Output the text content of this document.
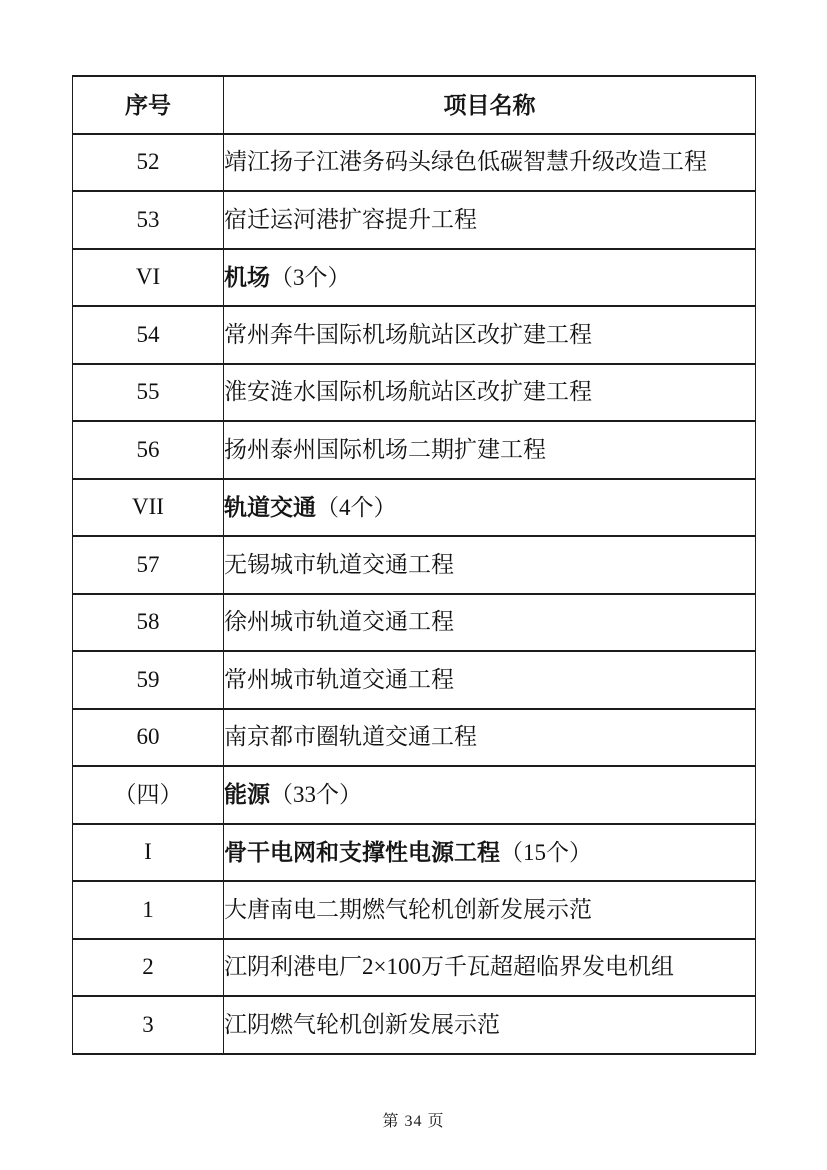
序号	项目名称
52	靖江扬子江港务码头绿色低碳智慧升级改造工程
53	宿迁运河港扩容提升工程
VI	机场（3个）
54	常州奔牛国际机场航站区改扩建工程
55	淮安涟水国际机场航站区改扩建工程
56	扬州泰州国际机场二期扩建工程
VII	轨道交通（4个）
57	无锡城市轨道交通工程
58	徐州城市轨道交通工程
59	常州城市轨道交通工程
60	南京都市圈轨道交通工程
（四）	能源（33个）
I	骨干电网和支撑性电源工程（15个）
1	大唐南电二期燃气轮机创新发展示范
2	江阴利港电厂2×100万千瓦超超临界发电机组
3	江阴燃气轮机创新发展示范
第 34 页
